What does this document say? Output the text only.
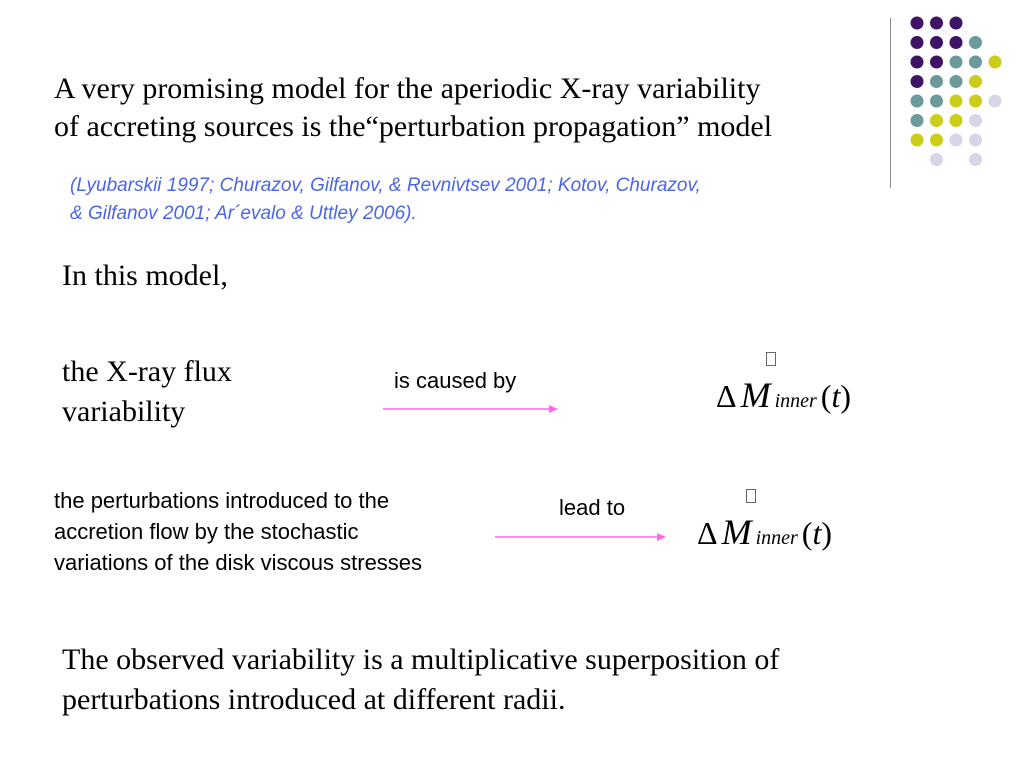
A very promising model for the aperiodic X-ray variability
of accreting sources is the“perturbation propagation” model
(Lyubarskii 1997; Churazov, Gilfanov, & Revnivtsev 2001; Kotov, Churazov,
& Gilfanov 2001; Ar´evalo & Uttley 2006).
In this model,
the X-ray flux
variability
is caused by	Δ M inner (t)
the perturbations introduced to the
accretion flow by the stochastic
variations of the disk viscous stresses
lead to
Δ M inner (t)
The observed variability is a multiplicative superposition of
perturbations introduced at different radii.
